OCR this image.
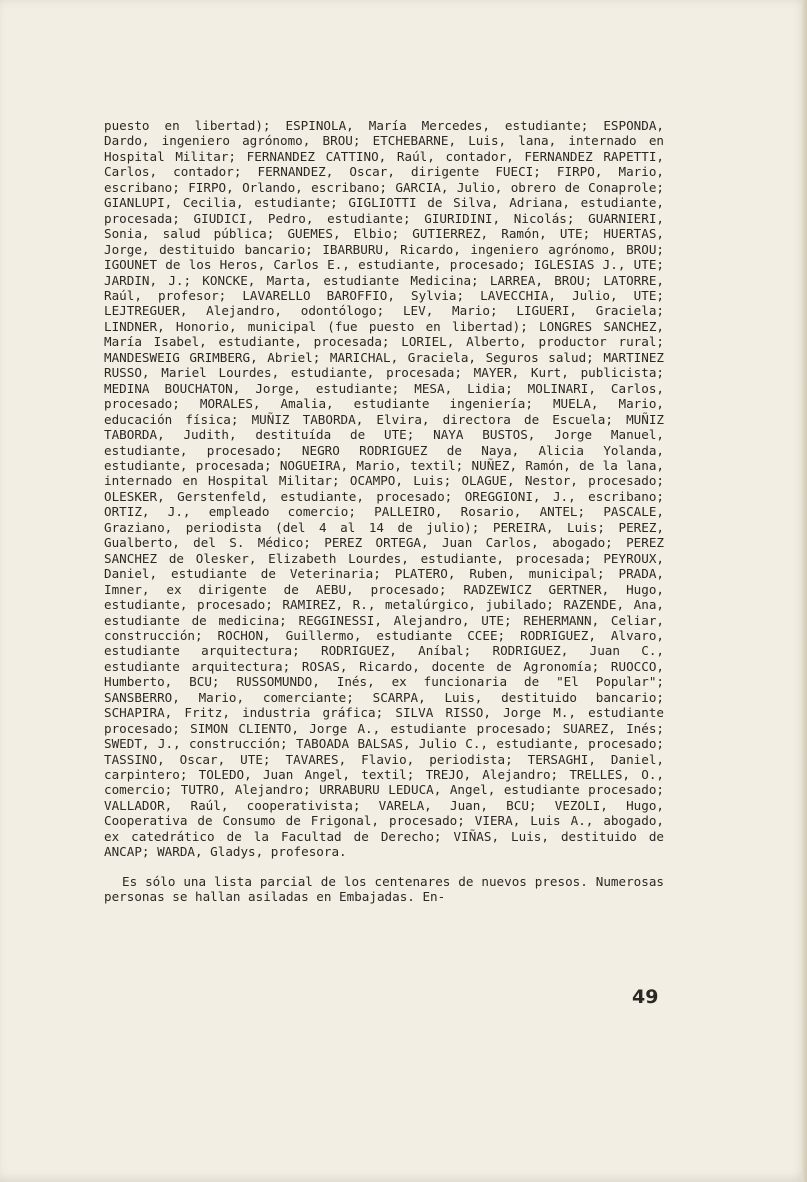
puesto en libertad); ESPINOLA, María Mercedes, estudiante; ESPONDA, Dardo, ingeniero agrónomo, BROU; ETCHEBARNE, Luis, lana, internado en Hospital Militar; FERNANDEZ CATTINO, Raúl, contador, FERNANDEZ RAPETTI, Carlos, contador; FERNANDEZ, Oscar, dirigente FUECI; FIRPO, Mario, escribano; FIRPO, Orlando, escribano; GARCIA, Julio, obrero de Conaprole; GIANLUPI, Cecilia, estudiante; GIGLIOTTI de Silva, Adriana, estudiante, procesada; GIUDICI, Pedro, estudiante; GIURIDINI, Nicolás; GUARNIERI, Sonia, salud pública; GUEMES, Elbio; GUTIERREZ, Ramón, UTE; HUERTAS, Jorge, destituido bancario; IBARBURU, Ricardo, ingeniero agrónomo, BROU; IGOUNET de los Heros, Carlos E., estudiante, procesado; IGLESIAS J., UTE; JARDIN, J.; KONCKE, Marta, estudiante Medicina; LARREA, BROU; LATORRE, Raúl, profesor; LAVARELLO BAROFFIO, Sylvia; LAVECCHIA, Julio, UTE; LEJTREGUER, Alejandro, odontólogo; LEV, Mario; LIGUERI, Graciela; LINDNER, Honorio, municipal (fue puesto en libertad); LONGRES SANCHEZ, María Isabel, estudiante, procesada; LORIEL, Alberto, productor rural; MANDESWEIG GRIMBERG, Abriel; MARICHAL, Graciela, Seguros salud; MARTINEZ RUSSO, Mariel Lourdes, estudiante, procesada; MAYER, Kurt, publicista; MEDINA BOUCHATON, Jorge, estudiante; MESA, Lidia; MOLINARI, Carlos, procesado; MORALES, Amalia, estudiante ingeniería; MUELA, Mario, educación física; MUÑIZ TABORDA, Elvira, directora de Escuela; MUÑIZ TABORDA, Judith, destituída de UTE; NAYA BUSTOS, Jorge Manuel, estudiante, procesado; NEGRO RODRIGUEZ de Naya, Alicia Yolanda, estudiante, procesada; NOGUEIRA, Mario, textil; NUÑEZ, Ramón, de la lana, internado en Hospital Militar; OCAMPO, Luis; OLAGUE, Nestor, procesado; OLESKER, Gerstenfeld, estudiante, procesado; OREGGIONI, J., escribano; ORTIZ, J., empleado comercio; PALLEIRO, Rosario, ANTEL; PASCALE, Graziano, periodista (del 4 al 14 de julio); PEREIRA, Luis; PEREZ, Gualberto, del S. Médico; PEREZ ORTEGA, Juan Carlos, abogado; PEREZ SANCHEZ de Olesker, Elizabeth Lourdes, estudiante, procesada; PEYROUX, Daniel, estudiante de Veterinaria; PLATERO, Ruben, municipal; PRADA, Imner, ex dirigente de AEBU, procesado; RADZEWICZ GERTNER, Hugo, estudiante, procesado; RAMIREZ, R., metalúrgico, jubilado; RAZENDE, Ana, estudiante de medicina; REGGINESSI, Alejandro, UTE; REHERMANN, Celiar, construcción; ROCHON, Guillermo, estudiante CCEE; RODRIGUEZ, Alvaro, estudiante arquitectura; RODRIGUEZ, Aníbal; RODRIGUEZ, Juan C., estudiante arquitectura; ROSAS, Ricardo, docente de Agronomía; RUOCCO, Humberto, BCU; RUSSOMUNDO, Inés, ex funcionaria de "El Popular"; SANSBERRO, Mario, comerciante; SCARPA, Luis, destituido bancario; SCHAPIRA, Fritz, industria gráfica; SILVA RISSO, Jorge M., estudiante procesado; SIMON CLIENTO, Jorge A., estudiante procesado; SUAREZ, Inés; SWEDT, J., construcción; TABOADA BALSAS, Julio C., estudiante, procesado; TASSINO, Oscar, UTE; TAVARES, Flavio, periodista; TERSAGHI, Daniel, carpintero; TOLEDO, Juan Angel, textil; TREJO, Alejandro; TRELLES, O., comercio; TUTRO, Alejandro; URRABURU LEDUCA, Angel, estudiante procesado; VALLADOR, Raúl, cooperativista; VARELA, Juan, BCU; VEZOLI, Hugo, Cooperativa de Consumo de Frigonal, procesado; VIERA, Luis A., abogado, ex catedrático de la Facultad de Derecho; VIÑAS, Luis, destituido de ANCAP; WARDA, Gladys, profesora.

Es sólo una lista parcial de los centenares de nuevos presos. Numerosas personas se hallan asiladas en Embajadas. En-

49
